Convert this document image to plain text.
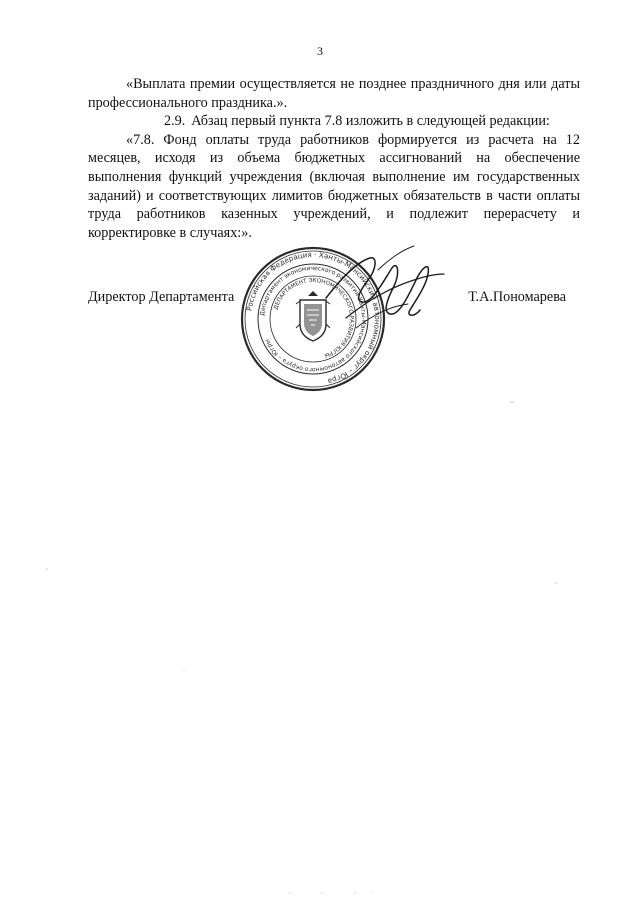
3

«Выплата премии осуществляется не позднее праздничного дня или даты профессионального праздника.».

2.9. Абзац первый пункта 7.8 изложить в следующей редакции:

«7.8. Фонд оплаты труда работников формируется из расчета на 12 месяцев, исходя из объема бюджетных ассигнований на обеспечение выполнения функций учреждения (включая выполнение им государственных заданий) и соответствующих лимитов бюджетных обязательств в части оплаты труда работников казенных учреждений, и подлежит перерасчету и корректировке в случаях:».

Российская Федерация · Ханты-Мансийский автономный округ – Югра
Департамент экономического развития Ханты-Мансийского автономного округа – Югры
ДЕПАРТАМЕНТ ЭКОНОМИЧЕСКОГО РАЗВИТИЯ ЮГРЫ
Директор Департамента	Т.А.Пономарева
